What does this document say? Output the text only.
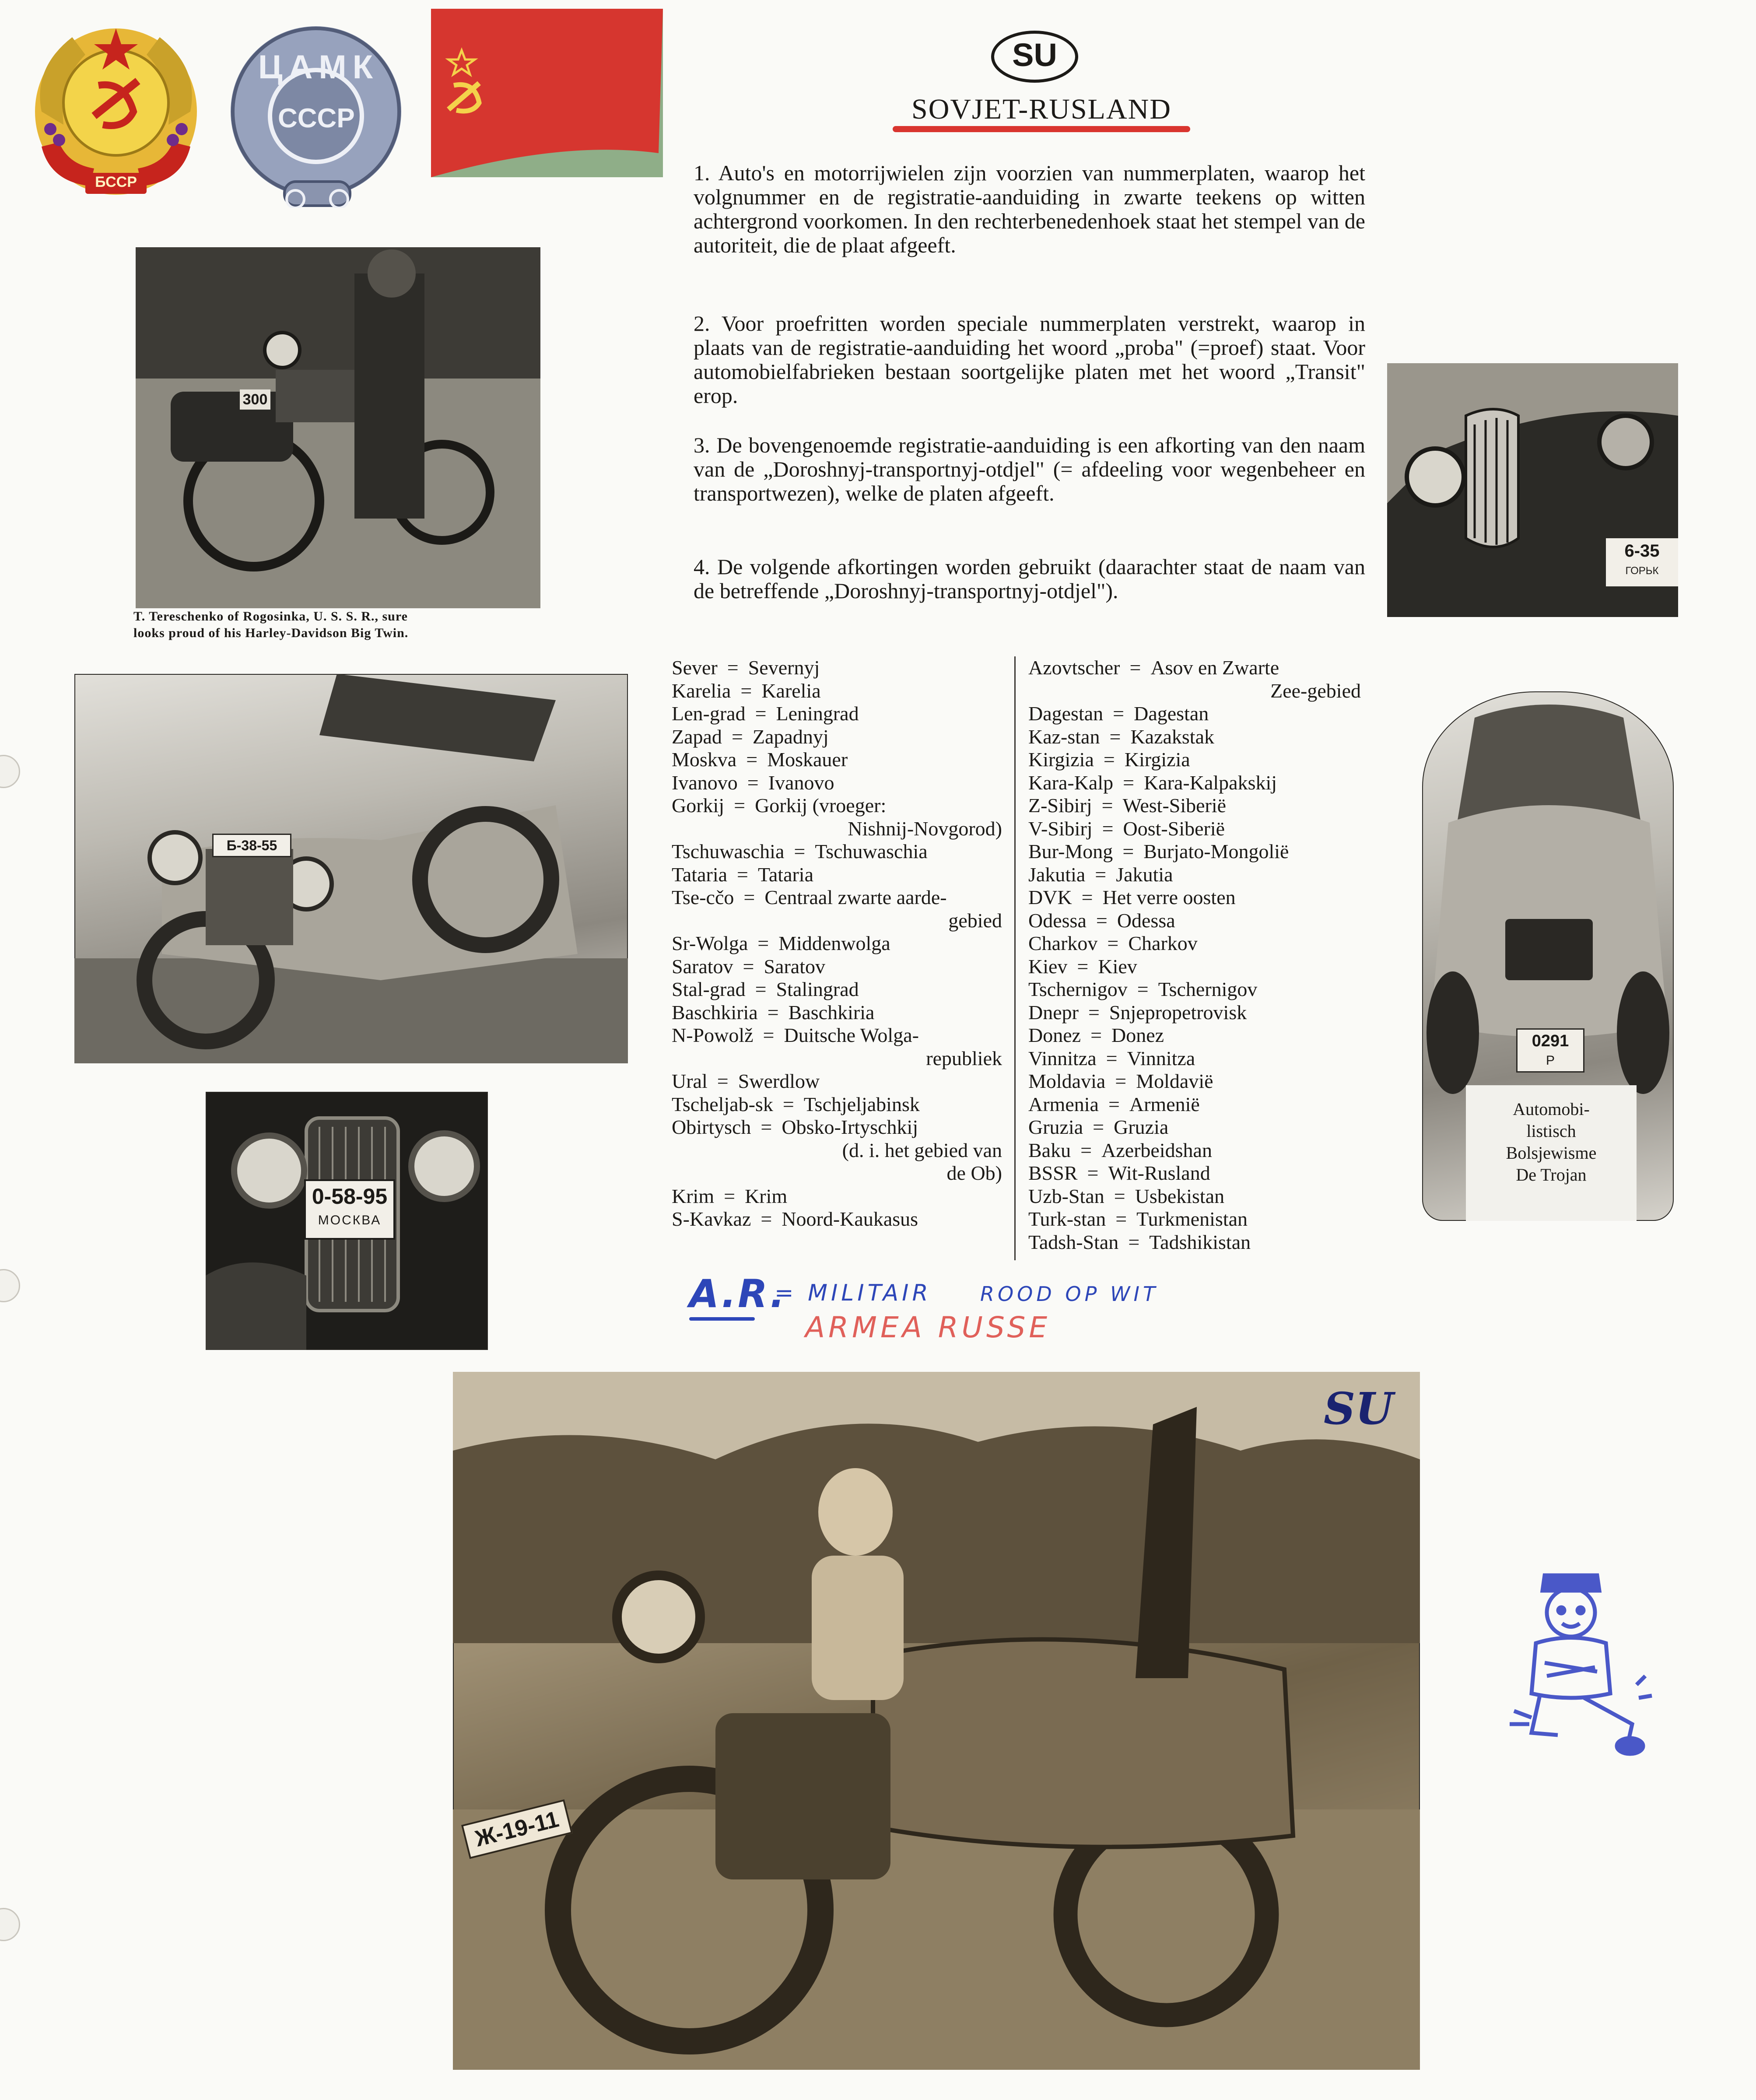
БССР
ЦАМК
СССР
SU
SOVJET-RUSLAND
1. Auto's en motorrijwielen zijn voorzien van nummerplaten, waarop het volgnummer en de registratie-aanduiding in zwarte teekens op witten achtergrond voorkomen. In den rechterbenedenhoek staat het stempel van de autoriteit, die de plaat afgeeft.
2. Voor proefritten worden speciale nummerplaten verstrekt, waarop in plaats van de registratie-aanduiding het woord „proba" (=proef) staat. Voor automobielfabrieken bestaan soortgelijke platen met het woord „Transit" erop.
3. De bovengenoemde registratie-aanduiding is een afkorting van den naam van de „Doroshnyj-transportnyj-otdjel" (= afdeeling voor wegenbeheer en transportwezen), welke de platen afgeeft.
4. De volgende afkortingen worden gebruikt (daarachter staat de naam van de betreffende „Doroshnyj-transportnyj-otdjel").
Sever = Severnyj
Karelia = Karelia
Len-grad = Leningrad
Zapad = Zapadnyj
Moskva = Moskauer
Ivanovo = Ivanovo
Gorkij = Gorkij (vroeger:
Nishnij-Novgorod)
Tschuwaschia = Tschuwaschia
Tataria = Tataria
Tse-cčo = Centraal zwarte aarde-
gebied
Sr-Wolga = Middenwolga
Saratov = Saratov
Stal-grad = Stalingrad
Baschkiria = Baschkiria
N-Powolž = Duitsche Wolga-
republiek
Ural = Swerdlow
Tscheljab-sk = Tschjeljabinsk
Obirtysch = Obsko-Irtyschkij
(d. i. het gebied van
de Ob)
Krim = Krim
S-Kavkaz = Noord-Kaukasus
Azovtscher = Asov en Zwarte
Zee-gebied
Dagestan = Dagestan
Kaz-stan = Kazakstak
Kirgizia = Kirgizia
Kara-Kalp = Kara-Kalpakskij
Z-Sibirj = West-Siberië
V-Sibirj = Oost-Siberië
Bur-Mong = Burjato-Mongolië
Jakutia = Jakutia
DVK = Het verre oosten
Odessa = Odessa
Charkov = Charkov
Kiev = Kiev
Tschernigov = Tschernigov
Dnepr = Snjepropetrovisk
Donez = Donez
Vinnitza = Vinnitza
Moldavia = Moldavië
Armenia = Armenië
Gruzia = Gruzia
Baku = Azerbeidshan
BSSR = Wit-Rusland
Uzb-Stan = Usbekistan
Turk-stan = Turkmenistan
Tadsh-Stan = Tadshikistan
300
T. Tereschenko of Rogosinka, U. S. S. R., sure
looks proud of his Harley-Davidson Big Twin.
Б-38-55
0-58-95
МОСКВА
6-35
ГОРЬК
0291
P
Automobi-
listisch
Bolsjewisme
De Trojan
A.R.
= MILITAIR ROOD OP WIT
ARMEA RUSSE
Ж-19-11
SU
